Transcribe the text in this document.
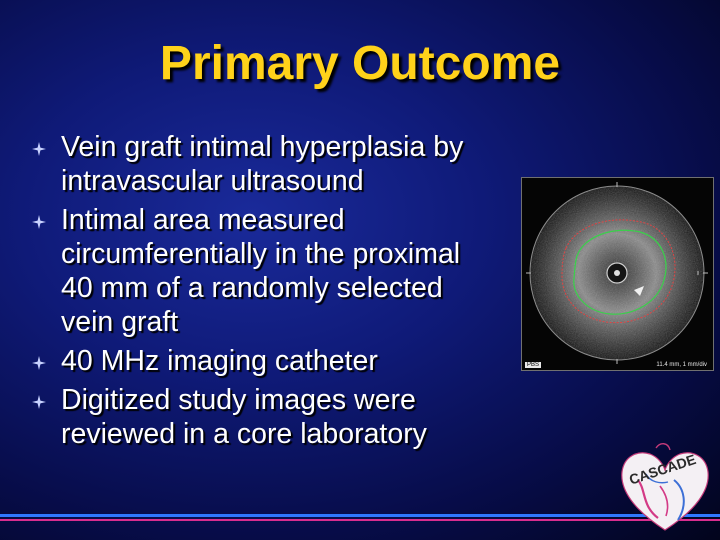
Primary Outcome
Vein graft intimal hyperplasia by
intravascular ultrasound
Intimal area measured
circumferentially in the proximal
40 mm of a randomly selected
vein graft
40 MHz imaging catheter
Digitized study images were
reviewed in a core laboratory
PBS	11.4 mm, 1 mm/div
CASCADE
